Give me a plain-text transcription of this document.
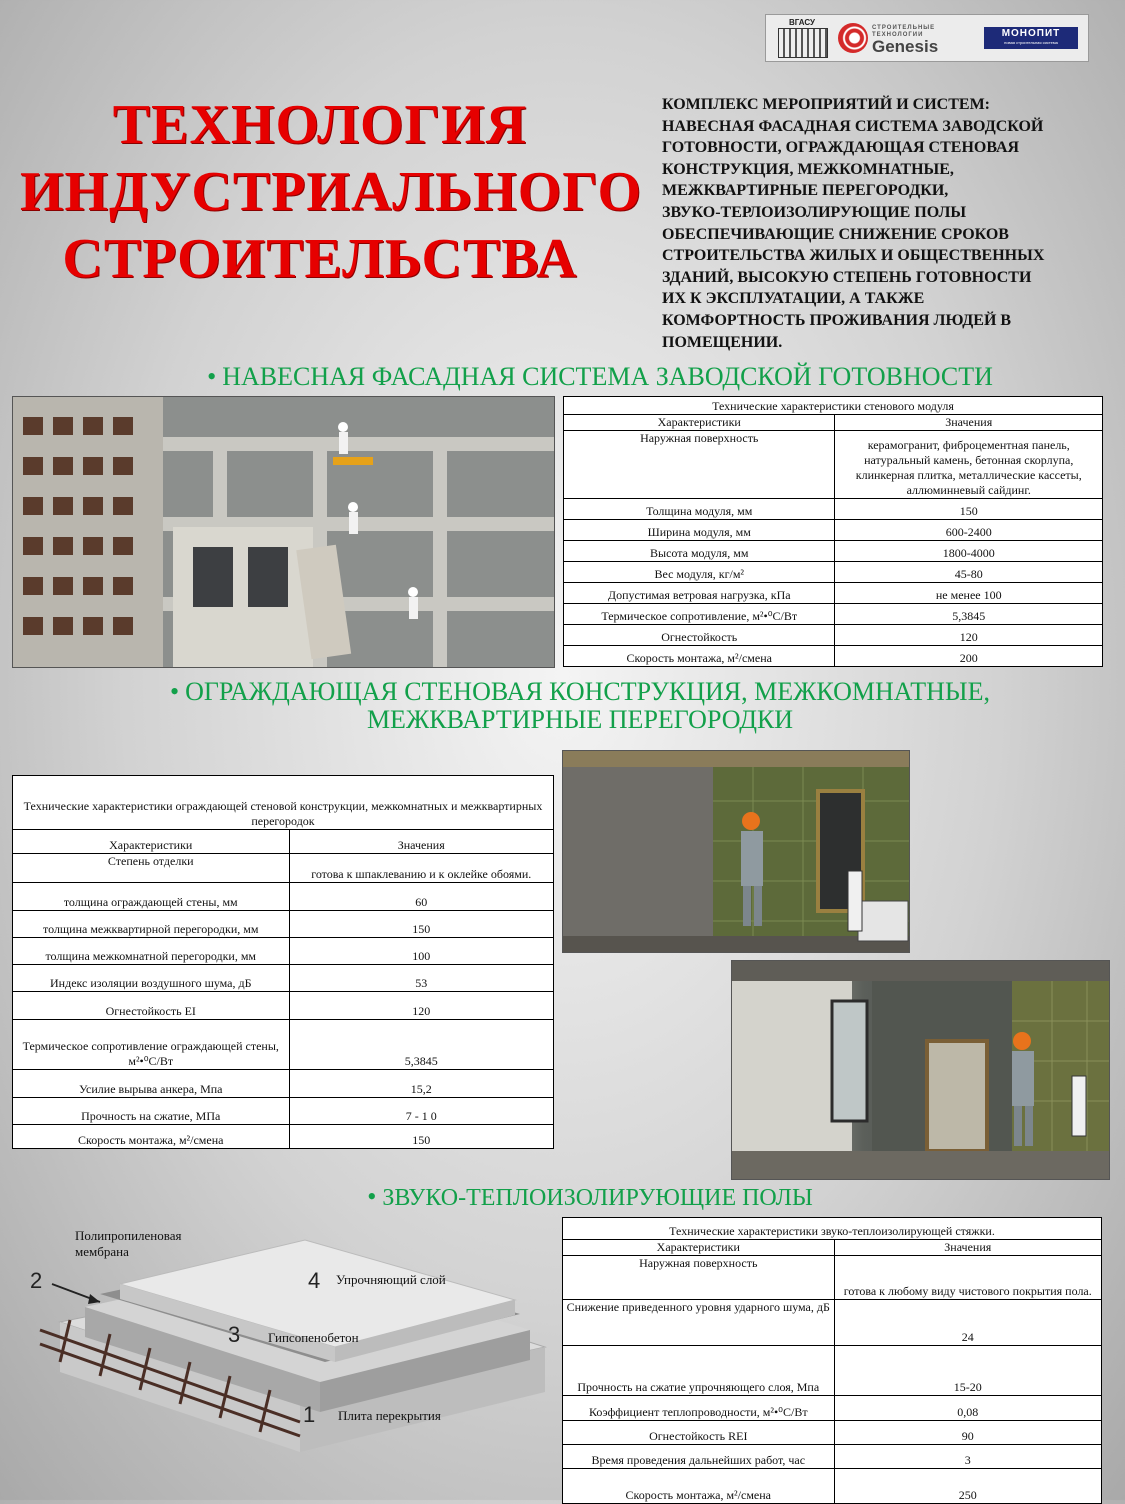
ВГАСУ
СТРОИТЕЛЬНЫЕ ТЕХНОЛОГИИ
Genesis
МОНОПИТ
новая строительная система
ТЕХНОЛОГИЯ
ИНДУСТРИАЛЬНОГО
СТРОИТЕЛЬСТВА
КОМПЛЕКС МЕРОПРИЯТИЙ И СИСТЕМ:
НАВЕСНАЯ ФАСАДНАЯ СИСТЕМА ЗАВОДСКОЙ
ГОТОВНОСТИ, ОГРАЖДАЮЩАЯ СТЕНОВАЯ
КОНСТРУКЦИЯ, МЕЖКОМНАТНЫЕ,
МЕЖКВАРТИРНЫЕ ПЕРЕГОРОДКИ,
ЗВУКО-ТЕРЛОИЗОЛИРУЮЩИЕ ПОЛЫ
ОБЕСПЕЧИВАЮЩИЕ СНИЖЕНИЕ СРОКОВ
СТРОИТЕЛЬСТВА ЖИЛЫХ И ОБЩЕСТВЕННЫХ
ЗДАНИЙ, ВЫСОКУЮ СТЕПЕНЬ ГОТОВНОСТИ
ИХ К ЭКСПЛУАТАЦИИ, А ТАКЖЕ
КОМФОРТНОСТЬ ПРОЖИВАНИЯ ЛЮДЕЙ В
ПОМЕЩЕНИИ.
• НАВЕСНАЯ ФАСАДНАЯ СИСТЕМА ЗАВОДСКОЙ ГОТОВНОСТИ
Технические характеристики стенового модуля	
Характеристики	Значения
Наружная поверхность	керамогранит, фиброцементная панель, натуральный камень, бетонная скорлупа, клинкерная плитка, металлические кассеты, аллюминневый сайдинг.
Толщина модуля, мм	150
Ширина модуля, мм	600-2400
Высота модуля, мм	1800-4000
Вес модуля, кг/м²	45-80
Допустимая ветровая нагрузка, кПа	не менее 100
Термическое сопротивление, м²•⁰С/Вт	5,3845
Огнестойкость	120
Скорость монтажа, м²/смена	200
• ОГРАЖДАЮЩАЯ СТЕНОВАЯ КОНСТРУКЦИЯ, МЕЖКОМНАТНЫЕ,
МЕЖКВАРТИРНЫЕ ПЕРЕГОРОДКИ
Технические характеристики ограждающей стеновой конструкции, межкомнатных и межквартирных перегородок	
Характеристики	Значения
Степень отделки	готова к шпаклеванию и к оклейке обоями.
толщина ограждающей стены, мм	60
толщина межквартирной перегородки, мм	150
толщина межкомнатной перегородки, мм	100
Индекс изоляции воздушного шума, дБ	53
Огнестойкость EI	120
Термическое сопротивление ограждающей стены, м²•⁰С/Вт	5,3845
Усилие вырыва анкера, Мпа	15,2
Прочность на сжатие, МПа	7 - 1 0
Скорость монтажа, м²/смена	150
• ЗВУКО-ТЕПЛОИЗОЛИРУЮЩИЕ ПОЛЫ
Полипропиленовая
мембрана
2	4 Упрочняющий слой
3 Гипсопенобетон
1 Плита перекрытия
Технические характеристики звуко-теплоизолирующей стяжки.	
Характеристики	Значения
Наружная поверхность	готова к любому виду чистового покрытия пола.
Снижение приведенного уровня ударного шума, дБ	24
Прочность на сжатие упрочняющего слоя, Мпа	15-20
Коэффициент теплопроводности, м²•⁰С/Вт	0,08
Огнестойкость REI	90
Время проведения дальнейших работ, час	3
Скорость монтажа, м²/смена	250
